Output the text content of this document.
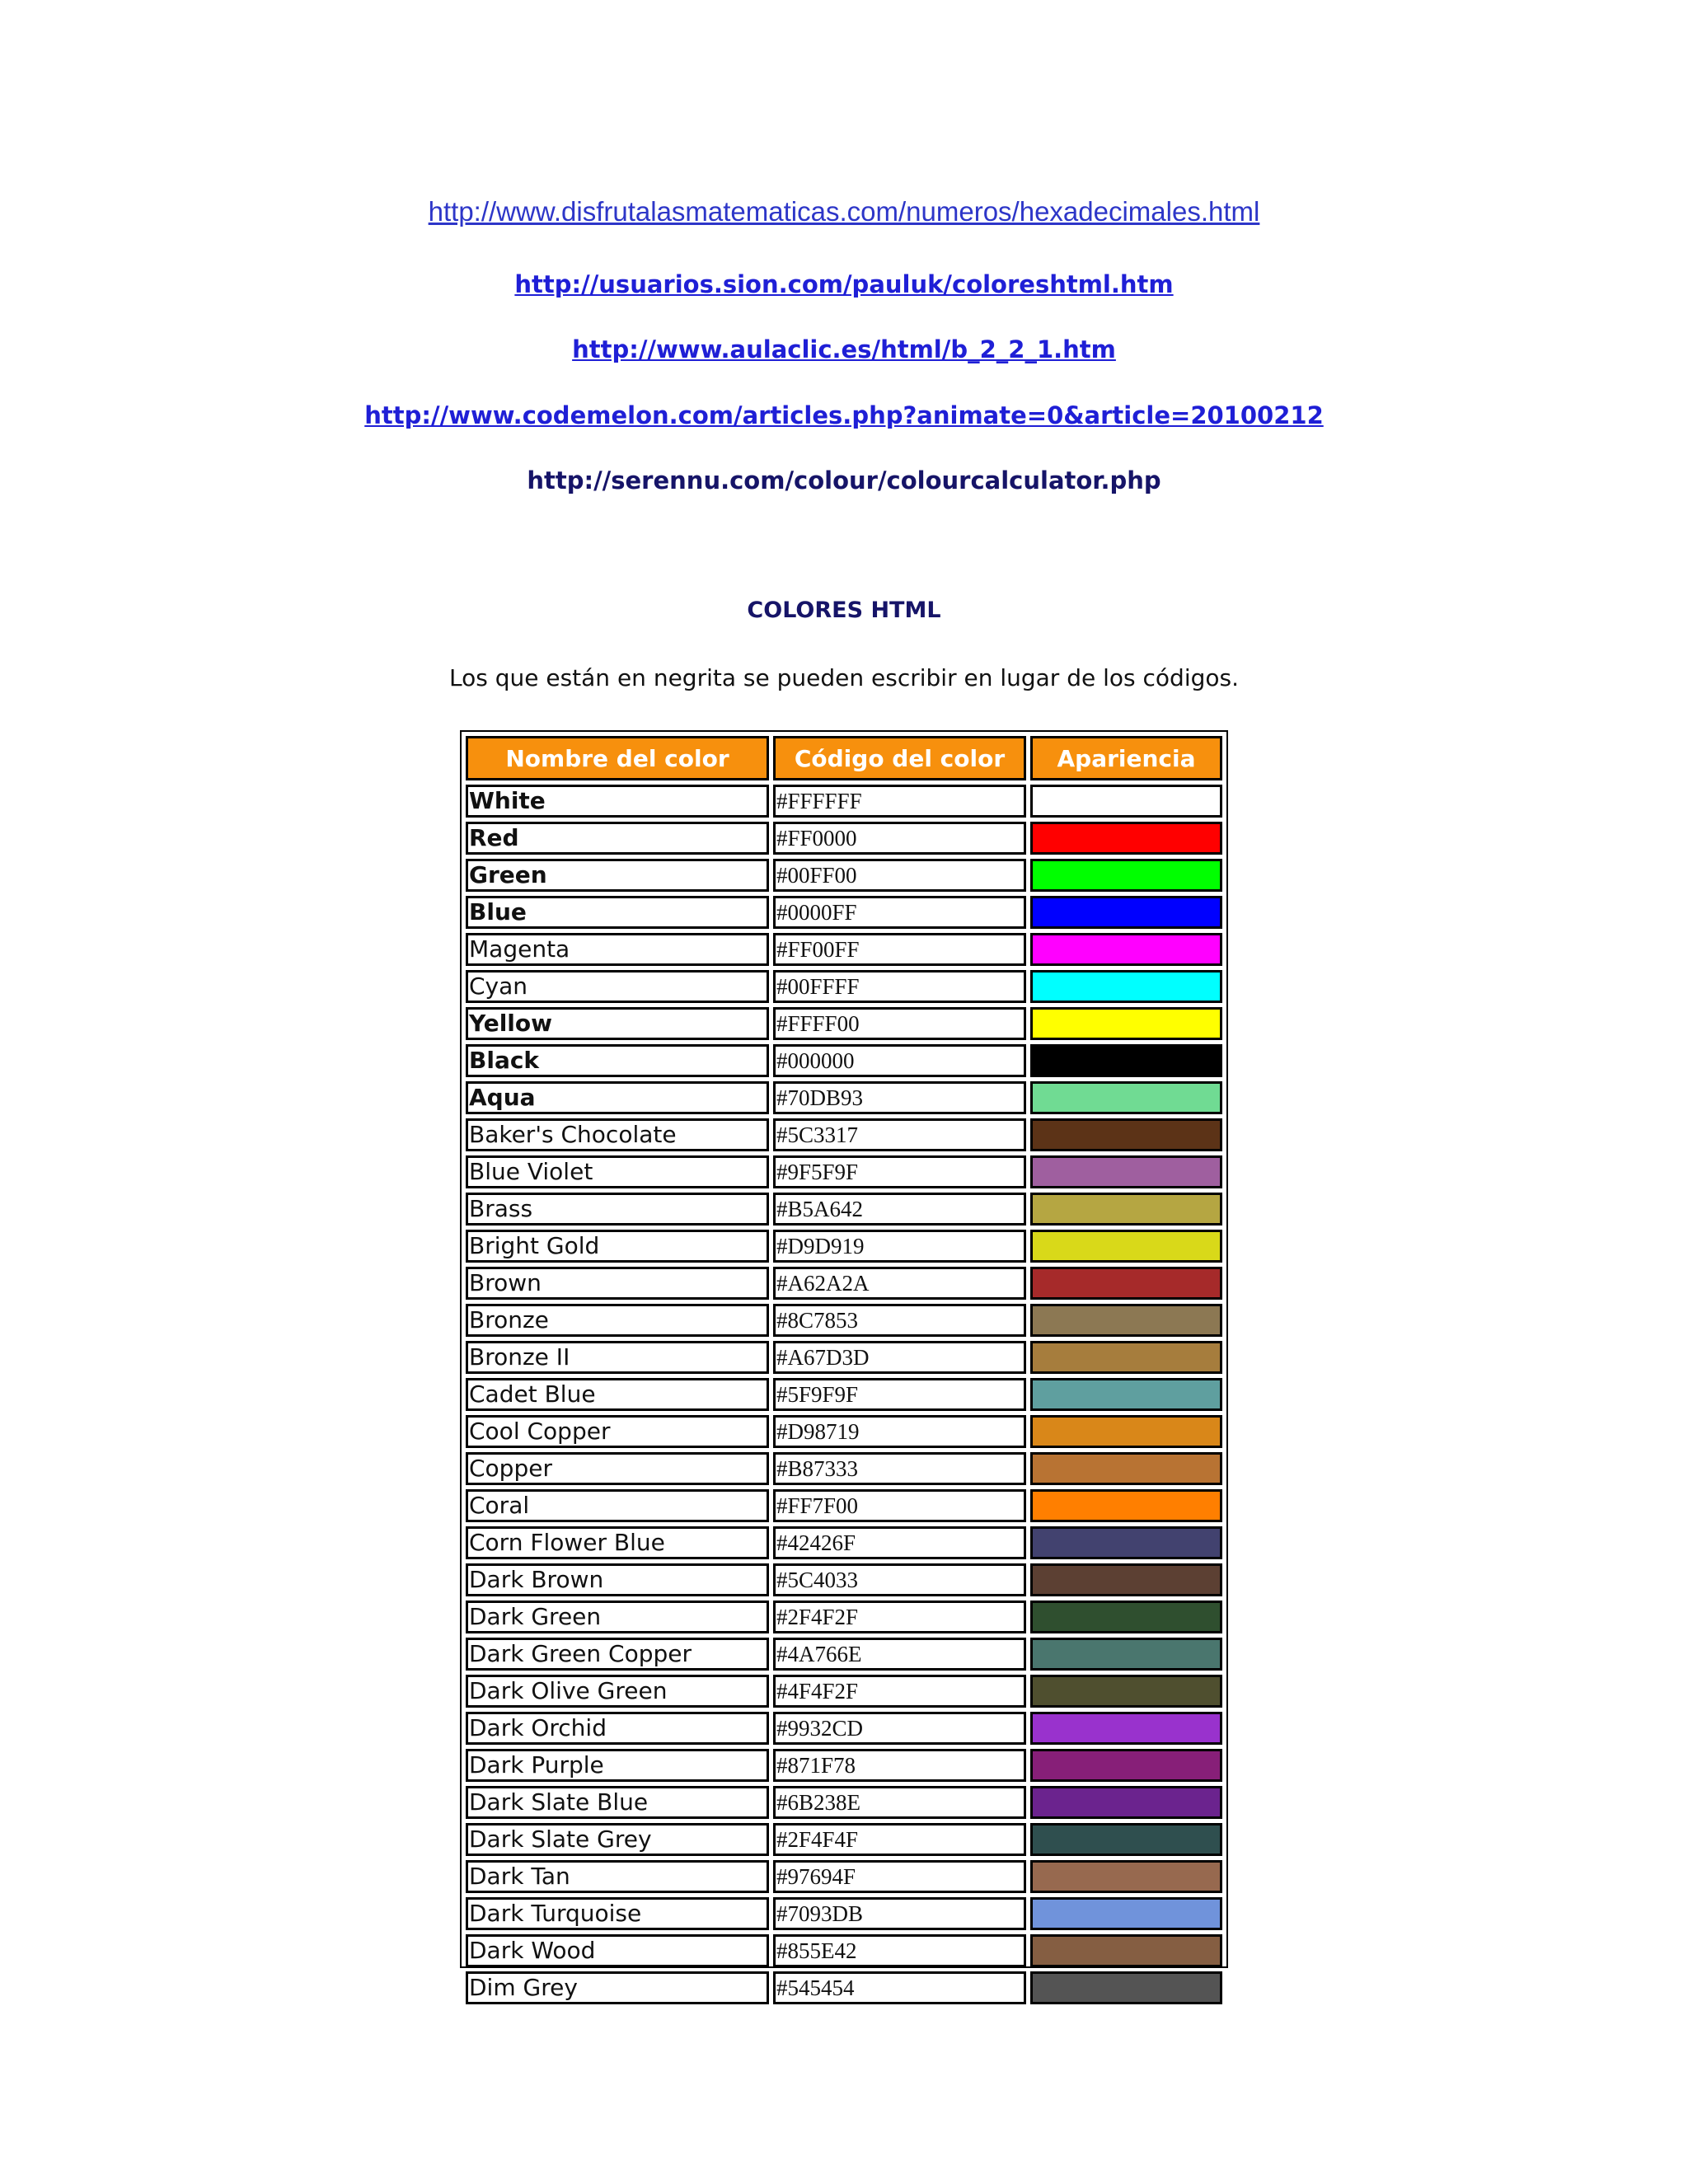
http://www.disfrutalasmatematicas.com/numeros/hexadecimales.html
http://usuarios.sion.com/pauluk/coloreshtml.htm
http://www.aulaclic.es/html/b_2_2_1.htm
http://www.codemelon.com/articles.php?animate=0&article=20100212
http://serennu.com/colour/colourcalculator.php
COLORES HTML
Los que están en negrita se pueden escribir en lugar de los códigos.
Nombre del color	Código del color	Apariencia
White	#FFFFFF	
Red	#FF0000	
Green	#00FF00	
Blue	#0000FF	
Magenta	#FF00FF	
Cyan	#00FFFF	
Yellow	#FFFF00	
Black	#000000	
Aqua	#70DB93	
Baker's Chocolate	#5C3317	
Blue Violet	#9F5F9F	
Brass	#B5A642	
Bright Gold	#D9D919	
Brown	#A62A2A	
Bronze	#8C7853	
Bronze II	#A67D3D	
Cadet Blue	#5F9F9F	
Cool Copper	#D98719	
Copper	#B87333	
Coral	#FF7F00	
Corn Flower Blue	#42426F	
Dark Brown	#5C4033	
Dark Green	#2F4F2F	
Dark Green Copper	#4A766E	
Dark Olive Green	#4F4F2F	
Dark Orchid	#9932CD	
Dark Purple	#871F78	
Dark Slate Blue	#6B238E	
Dark Slate Grey	#2F4F4F	
Dark Tan	#97694F	
Dark Turquoise	#7093DB	
Dark Wood	#855E42	
Dim Grey	#545454	
